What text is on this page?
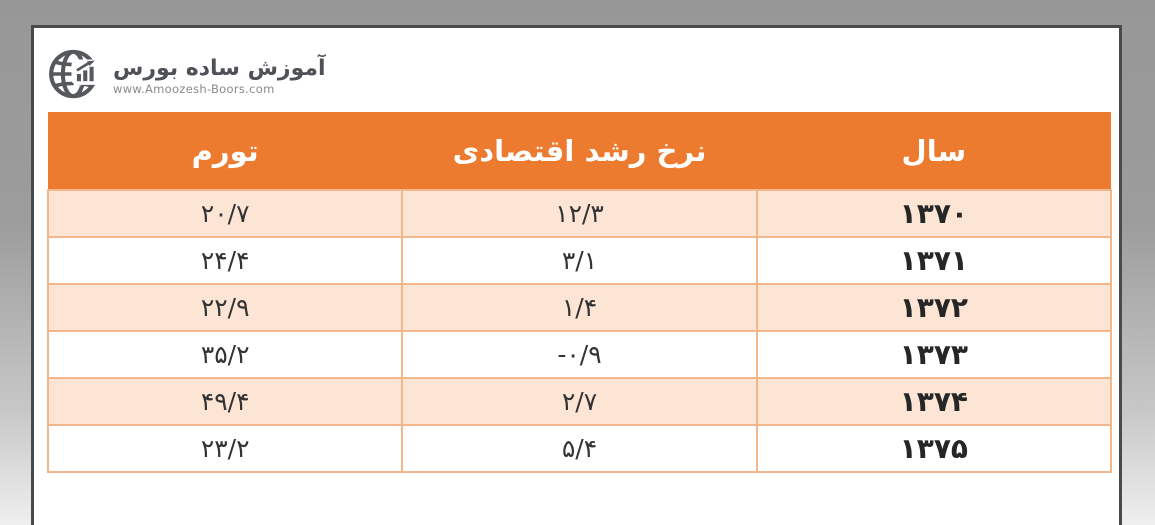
آموزش ساده بورس
www.Amoozesh-Boors.com
سال	نرخ رشد اقتصادی	تورم
۱۳۷۰	۱۲/۳	۲۰/۷
۱۳۷۱	۳/۱	۲۴/۴
۱۳۷۲	۱/۴	۲۲/۹
۱۳۷۳	-۰/۹	۳۵/۲
۱۳۷۴	۲/۷	۴۹/۴
۱۳۷۵	۵/۴	۲۳/۲
